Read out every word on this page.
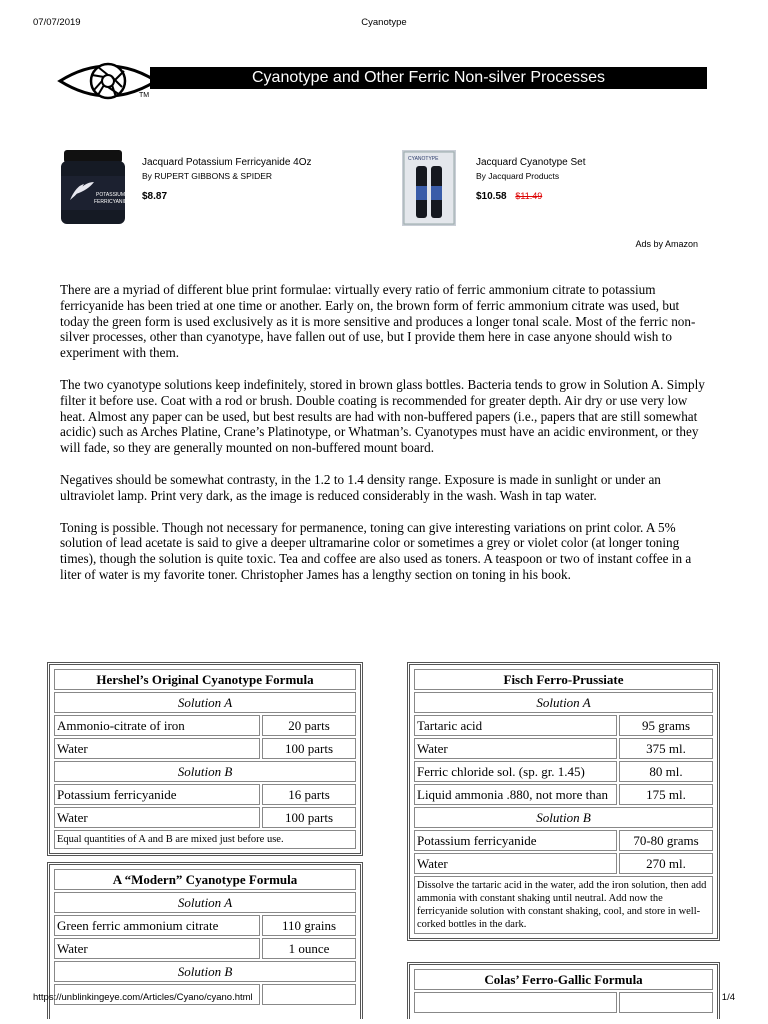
07/07/2019	Cyanotype
TM
Cyanotype and Other Ferric Non-silver Processes
POTASSIUM
FERRICYANIDE
Jacquard Potassium Ferricyanide 4Oz
By RUPERT GIBBONS & SPIDER
$8.87
CYANOTYPE	Jacquard Cyanotype Set
By Jacquard Products
$10.58 $11.49
Ads by Amazon

There are a myriad of different blue print formulae: virtually every ratio of ferric ammonium citrate to potassium ferricyanide has been tried at one time or another. Early on, the brown form of ferric ammonium citrate was used, but today the green form is used exclusively as it is more sensitive and produces a longer tonal scale. Most of the ferric non-silver processes, other than cyanotype, have fallen out of use, but I provide them here in case anyone should wish to experiment with them.

The two cyanotype solutions keep indefinitely, stored in brown glass bottles. Bacteria tends to grow in Solution A. Simply filter it before use. Coat with a rod or brush. Double coating is recommended for greater depth. Air dry or use very low heat. Almost any paper can be used, but best results are had with non-buffered papers (i.e., papers that are still somewhat acidic) such as Arches Platine, Crane’s Platinotype, or Whatman’s. Cyanotypes must have an acidic environment, or they will fade, so they are generally mounted on non-buffered mount board.

Negatives should be somewhat contrasty, in the 1.2 to 1.4 density range. Exposure is made in sunlight or under an ultraviolet lamp. Print very dark, as the image is reduced considerably in the wash. Wash in tap water.

Toning is possible. Though not necessary for permanence, toning can give interesting variations on print color. A 5% solution of lead acetate is said to give a deeper ultramarine color or sometimes a grey or violet color (at longer toning times), though the solution is quite toxic. Tea and coffee are also used as toners. A teaspoon or two of instant coffee in a liter of water is my favorite toner. Christopher James has a lengthy section on toning in his book.

Hershel’s Original Cyanotype Formula	
Solution A	
Ammonio-citrate of iron	20 parts
Water	100 parts
Solution B	
Potassium ferricyanide	16 parts
Water	100 parts
Equal quantities of A and B are mixed just before use.	
Fisch Ferro-Prussiate	
Solution A	
Tartaric acid	95 grams
Water	375 ml.
Ferric chloride sol. (sp. gr. 1.45)	80 ml.
Liquid ammonia .880, not more than	175 ml.
Solution B	
Potassium ferricyanide	70-80 grams
Water	270 ml.
Dissolve the tartaric acid in the water, add the iron solution, then add ammonia with constant shaking until neutral. Add now the ferricyanide solution with constant shaking, cool, and store in well-corked bottles in the dark.	
A “Modern” Cyanotype Formula	
Solution A	
Green ferric ammonium citrate	110 grains
Water	1 ounce
Solution B	

Colas’ Ferro-Gallic Formula

https://unblinkingeye.com/Articles/Cyano/cyano.html	1/4
